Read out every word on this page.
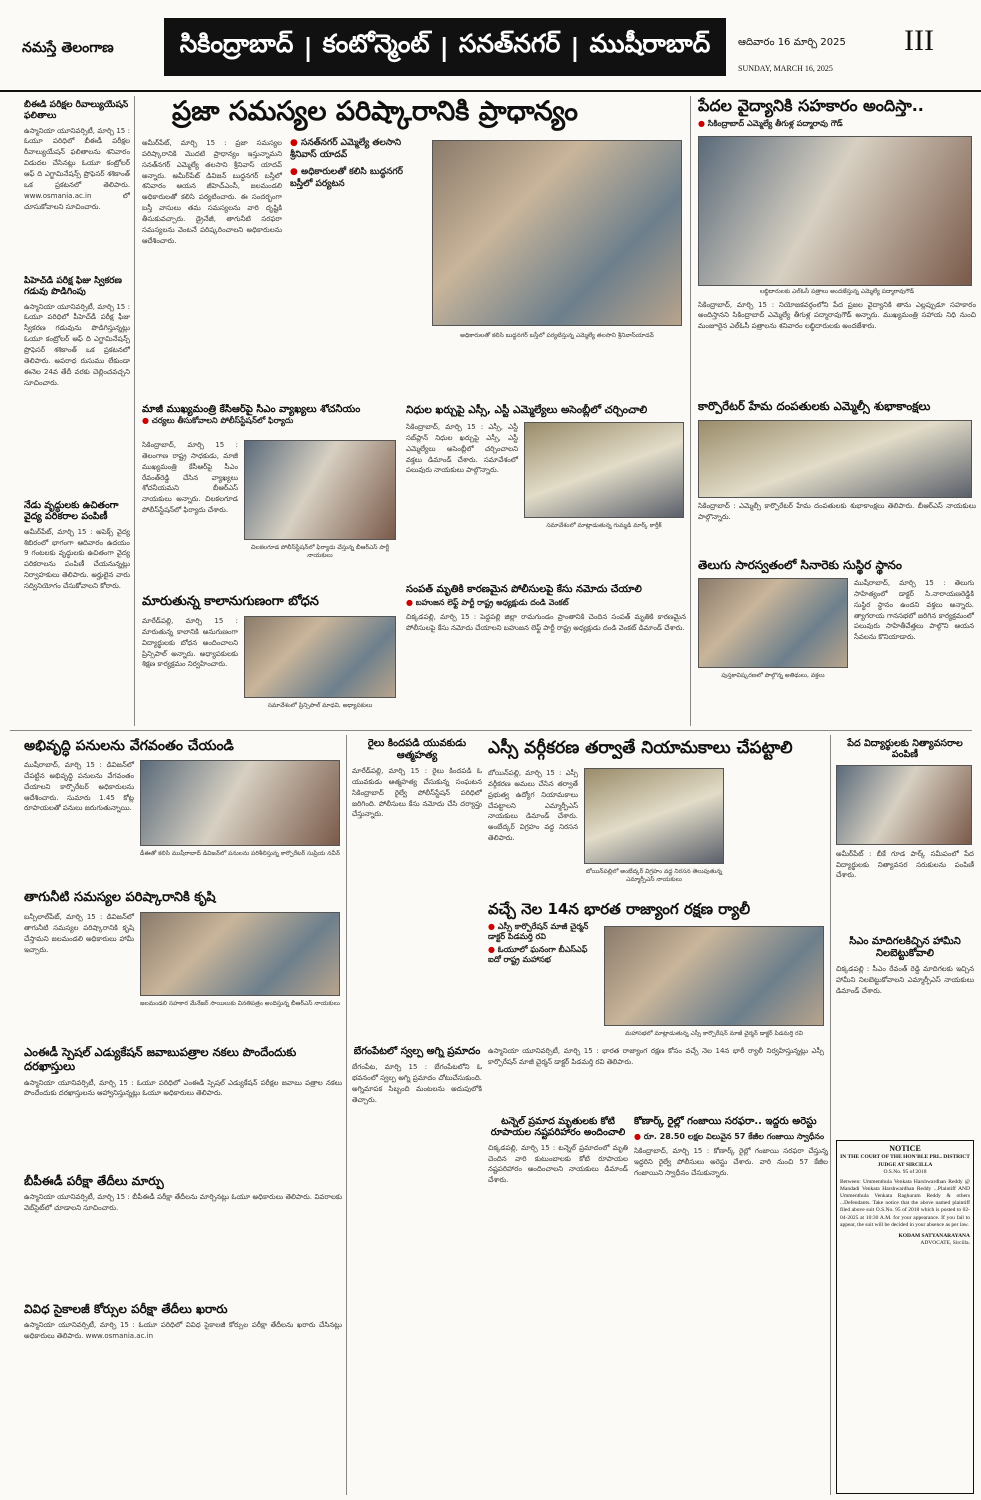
నమస్తే తెలంగాణ	సికింద్రాబాద్ | కంటోన్మెంట్ | సనత్‌నగర్ | ముషీరాబాద్	ఆదివారం 16 మార్చి 2025
SUNDAY, MARCH 16, 2025
III
బీఈడీ పరీక్షల రీవాల్యుయేషన్ ఫలితాలు
ఉస్మానియా యూనివర్సిటీ, మార్చి 15 : ఓయూ పరిధిలో బీఈడీ పరీక్షల రీవాల్యుయేషన్ ఫలితాలను శనివారం విడుదల చేసినట్లు ఓయూ కంట్రోలర్ ఆఫ్ ది ఎగ్జామినేషన్స్ ప్రొఫెసర్ శశికాంత్ ఒక ప్రకటనలో తెలిపారు. www.osmania.ac.in లో చూసుకోవాలని సూచించారు.
పీహెచ్‌డీ పరీక్ష ఫీజు స్వీకరణ గడువు పొడిగింపు
ఉస్మానియా యూనివర్సిటీ, మార్చి 15 : ఓయూ పరిధిలో పీహెచ్‌డీ పరీక్ష ఫీజు స్వీకరణ గడువును పొడిగిస్తున్నట్లు ఓయూ కంట్రోలర్ ఆఫ్ ది ఎగ్జామినేషన్స్ ప్రొఫెసర్ శశికాంత్ ఒక ప్రకటనలో తెలిపారు. అపరాధ రుసుము లేకుండా ఈనెల 24వ తేదీ వరకు చెల్లించవచ్చని సూచించారు.
నేడు వృద్ధులకు ఉచితంగా వైద్య పరికరాల పంపిణీ
అమీర్‌పేట్, మార్చి 15 : అపెక్స్ వైద్య శిబిరంలో భాగంగా ఆదివారం ఉదయం 9 గంటలకు వృద్ధులకు ఉచితంగా వైద్య పరికరాలను పంపిణీ చేయనున్నట్లు నిర్వాహకులు తెలిపారు. అర్హులైన వారు సద్వినియోగం చేసుకోవాలని కోరారు.
ప్రజా సమస్యల పరిష్కారానికి ప్రాధాన్యం
అమీర్‌పేట్, మార్చి 15 : ప్రజా సమస్యల పరిష్కారానికి మొదటి ప్రాధాన్యం ఇస్తున్నామని సనత్‌నగర్ ఎమ్మెల్యే తలసాని శ్రీనివాస్ యాదవ్ అన్నారు. అమీర్‌పేట్ డివిజన్ బుద్ధనగర్ బస్తీలో శనివారం ఆయన జీహెచ్‌ఎంసీ, జలమండలి అధికారులతో కలిసి పర్యటించారు. ఈ సందర్భంగా బస్తీ వాసులు తమ సమస్యలను వారి దృష్టికి తీసుకువచ్చారు. డ్రైనేజీ, తాగునీటి సరఫరా సమస్యలను వెంటనే పరిష్కరించాలని అధికారులను ఆదేశించారు.
● సనత్‌నగర్ ఎమ్మెల్యే తలసాని శ్రీనివాస్ యాదవ్
● అధికారులతో కలిసి బుద్ధనగర్ బస్తీలో పర్యటన
అధికారులతో కలిసి బుద్ధనగర్ బస్తీలో పర్యటిస్తున్న ఎమ్మెల్యే తలసాని శ్రీనివాస్‌యాదవ్
పేదల వైద్యానికి సహకారం అందిస్తా..
● సికింద్రాబాద్ ఎమ్మెల్యే తీగుళ్ల పద్మారావు గౌడ్
లబ్ధిదారులకు ఎల్‌ఓసీ పత్రాలు అందజేస్తున్న ఎమ్మెల్యే పద్మారావుగౌడ్
సికింద్రాబాద్, మార్చి 15 : నియోజకవర్గంలోని పేద ప్రజల వైద్యానికి తాను ఎల్లప్పుడూ సహకారం అందిస్తానని సికింద్రాబాద్ ఎమ్మెల్యే తీగుళ్ల పద్మారావుగౌడ్ అన్నారు. ముఖ్యమంత్రి సహాయ నిధి నుంచి మంజూరైన ఎల్‌ఓసీ పత్రాలను శనివారం లబ్ధిదారులకు అందజేశారు.
కార్పొరేటర్ హేమ దంపతులకు ఎమ్మెల్సీ శుభాకాంక్షలు
సికింద్రాబాద్ : ఎమ్మెల్సీ కార్పొరేటర్ హేమ దంపతులకు శుభాకాంక్షలు తెలిపారు. బీఆర్‌ఎస్ నాయకులు పాల్గొన్నారు.
తెలుగు సారస్వతంలో సినారెకు సుస్థిర స్థానం
పుస్తకావిష్కరణలో పాల్గొన్న అతిథులు, వక్తలు
ముషీరాబాద్, మార్చి 15 : తెలుగు సాహిత్యంలో డాక్టర్ సి.నారాయణరెడ్డికి సుస్థిర స్థానం ఉందని వక్తలు అన్నారు. త్యాగరాయ గానసభలో జరిగిన కార్యక్రమంలో పలువురు సాహితీవేత్తలు పాల్గొని ఆయన సేవలను కొనియాడారు.
మాజీ ముఖ్యమంత్రి కేసీఆర్‌పై సీఎం వ్యాఖ్యలు శోచనీయం
● చర్యలు తీసుకోవాలని పోలీస్‌స్టేషన్‌లో ఫిర్యాదు
సికింద్రాబాద్, మార్చి 15 : తెలంగాణ రాష్ట్ర సాధకుడు, మాజీ ముఖ్యమంత్రి కేసీఆర్‌పై సీఎం రేవంత్‌రెడ్డి చేసిన వ్యాఖ్యలు శోచనీయమని బీఆర్‌ఎస్ నాయకులు అన్నారు. చిలకలగూడ పోలీస్‌స్టేషన్‌లో ఫిర్యాదు చేశారు.
చిలకలగూడ పోలీస్‌స్టేషన్‌లో ఫిర్యాదు చేస్తున్న బీఆర్‌ఎస్ పార్టీ నాయకులు
నిధుల ఖర్చుపై ఎస్సీ, ఎస్టీ ఎమ్మెల్యేలు అసెంబ్లీలో చర్చించాలి
సికింద్రాబాద్, మార్చి 15 : ఎస్సీ, ఎస్టీ సబ్‌ప్లాన్ నిధుల ఖర్చుపై ఎస్సీ, ఎస్టీ ఎమ్మెల్యేలు అసెంబ్లీలో చర్చించాలని వక్తలు డిమాండ్ చేశారు. సమావేశంలో పలువురు నాయకులు పాల్గొన్నారు.
సమావేశంలో మాట్లాడుతున్న గుమ్మడి మార్క్ కార్తీక్
మారుతున్న కాలానుగుణంగా బోధన
మారేడ్‌పల్లి, మార్చి 15 : మారుతున్న కాలానికి అనుగుణంగా విద్యార్థులకు బోధన అందించాలని ప్రిన్సిపాల్ అన్నారు. అధ్యాపకులకు శిక్షణ కార్యక్రమం నిర్వహించారు.
సమావేశంలో ప్రిన్సిపాల్ మాధవి, అధ్యాపకులు
సంపత్ మృతికి కారణమైన పోలీసులపై కేసు నమోదు చేయాలి
● బహుజన లెఫ్ట్ పార్టీ రాష్ట్ర అధ్యక్షుడు దండి వెంకట్
చిక్కడపల్లి, మార్చి 15 : పెద్దపల్లి జిల్లా రామగుండం ప్రాంతానికి చెందిన సంపత్ మృతికి కారణమైన పోలీసులపై కేసు నమోదు చేయాలని బహుజన లెఫ్ట్ పార్టీ రాష్ట్ర అధ్యక్షుడు దండి వెంకట్ డిమాండ్ చేశారు.
అభివృద్ధి పనులను వేగవంతం చేయండి
ముషీరాబాద్, మార్చి 15 : డివిజన్‌లో చేపట్టిన అభివృద్ధి పనులను వేగవంతం చేయాలని కార్పొరేటర్ అధికారులను ఆదేశించారు. సుమారు 1.45 కోట్ల రూపాయలతో పనులు జరుగుతున్నాయి.
డీఈతో కలిసి ముషీరాబాద్ డివిజన్‌లో పనులను పరిశీలిస్తున్న కార్పొరేటర్ సుప్రియ నవీన్
తాగునీటి సమస్యల పరిష్కారానికి కృషి
బన్సీలాల్‌పేట్, మార్చి 15 : డివిజన్‌లో తాగునీటి సమస్యల పరిష్కారానికి కృషి చేస్తామని జలమండలి అధికారులు హామీ ఇచ్చారు.
జలమండలి సహకార మేనేజర్‌ సాయిలుకు వినతిపత్రం అందిస్తున్న బీఆర్‌ఎస్ నాయకులు
ఎంఈడీ స్పెషల్ ఎడ్యుకేషన్ జవాబుపత్రాల నకలు పొందేందుకు దరఖాస్తులు
ఉస్మానియా యూనివర్సిటీ, మార్చి 15 : ఓయూ పరిధిలో ఎంఈడీ స్పెషల్ ఎడ్యుకేషన్ పరీక్షల జవాబు పత్రాల నకలు పొందేందుకు దరఖాస్తులను ఆహ్వానిస్తున్నట్లు ఓయూ అధికారులు తెలిపారు.
బీపీఈడీ పరీక్షా తేదీలు మార్పు
ఉస్మానియా యూనివర్సిటీ, మార్చి 15 : బీపీఈడీ పరీక్షా తేదీలను మార్చినట్లు ఓయూ అధికారులు తెలిపారు. వివరాలకు వెబ్‌సైట్‌లో చూడాలని సూచించారు.
వివిధ సైకాలజీ కోర్సుల పరీక్షా తేదీలు ఖరారు
ఉస్మానియా యూనివర్సిటీ, మార్చి 15 : ఓయూ పరిధిలో వివిధ సైకాలజీ కోర్సుల పరీక్షా తేదీలను ఖరారు చేసినట్లు అధికారులు తెలిపారు. www.osmania.ac.in
రైలు కిందపడి యువకుడు ఆత్మహత్య
మారేడ్‌పల్లి, మార్చి 15 : రైలు కిందపడి ఓ యువకుడు ఆత్మహత్య చేసుకున్న సంఘటన సికింద్రాబాద్ రైల్వే పోలీస్‌స్టేషన్ పరిధిలో జరిగింది. పోలీసులు కేసు నమోదు చేసి దర్యాప్తు చేస్తున్నారు.
బేగంపేటలో స్వల్ప అగ్ని ప్రమాదం
బేగంపేట, మార్చి 15 : బేగంపేటలోని ఓ భవనంలో స్వల్ప అగ్ని ప్రమాదం చోటుచేసుకుంది. అగ్నిమాపక సిబ్బంది మంటలను అదుపులోకి తెచ్చారు.
ఎస్సీ వర్గీకరణ తర్వాతే నియామకాలు చేపట్టాలి
బోయిన్‌పల్లి, మార్చి 15 : ఎస్సీ వర్గీకరణ అమలు చేసిన తర్వాతే ప్రభుత్వ ఉద్యోగ నియామకాలు చేపట్టాలని ఎమ్మార్పీఎస్ నాయకులు డిమాండ్ చేశారు. అంబేద్కర్ విగ్రహం వద్ద నిరసన తెలిపారు.
బోయిన్‌పల్లిలో అంబేద్కర్ విగ్రహం వద్ద నిరసన తెలుపుతున్న ఎమ్మార్పీఎస్ నాయకులు
వచ్చే నెల 14న భారత రాజ్యాంగ రక్షణ ర్యాలీ
● ఎస్సీ కార్పొరేషన్ మాజీ చైర్మన్ డాక్టర్ పిడమర్తి రవి
● ఓయూలో ఘనంగా బీఎస్‌ఎఫ్ ఐదో రాష్ట్ర మహాసభ
మహాసభలో మాట్లాడుతున్న ఎస్సీ కార్పొరేషన్ మాజీ చైర్మన్ డాక్టర్ పిడమర్తి రవి
ఉస్మానియా యూనివర్సిటీ, మార్చి 15 : భారత రాజ్యాంగ రక్షణ కోసం వచ్చే నెల 14న భారీ ర్యాలీ నిర్వహిస్తున్నట్లు ఎస్సీ కార్పొరేషన్ మాజీ చైర్మన్ డాక్టర్ పిడమర్తి రవి తెలిపారు.
టన్నెల్ ప్రమాద మృతులకు కోటి రూపాయల నష్టపరిహారం అందించాలి
చిక్కడపల్లి, మార్చి 15 : టన్నెల్ ప్రమాదంలో మృతి చెందిన వారి కుటుంబాలకు కోటి రూపాయల నష్టపరిహారం అందించాలని నాయకులు డిమాండ్ చేశారు.
కోణార్క్ రైల్లో గంజాయి సరఫరా.. ఇద్దరు అరెస్టు
● రూ. 28.50 లక్షల విలువైన 57 కేజీల గంజాయి స్వాధీనం
సికింద్రాబాద్, మార్చి 15 : కోణార్క్ రైల్లో గంజాయి సరఫరా చేస్తున్న ఇద్దరిని రైల్వే పోలీసులు అరెస్టు చేశారు. వారి నుంచి 57 కేజీల గంజాయిని స్వాధీనం చేసుకున్నారు.
పేద విద్యార్థులకు నిత్యావసరాల పంపిణీ
అమీర్‌పేట్ : బీకే గూడ పార్క్ సమీపంలో పేద విద్యార్థులకు నిత్యావసర సరుకులను పంపిణీ చేశారు.
సీఎం మాదిగలకిచ్చిన హామీని నిలబెట్టుకోవాలి
చిక్కడపల్లి : సీఎం రేవంత్ రెడ్డి మాదిగలకు ఇచ్చిన హామీని నిలబెట్టుకోవాలని ఎమ్మార్పీఎస్ నాయకులు డిమాండ్ చేశారు.
NOTICE
IN THE COURT OF THE HON'BLE PRL. DISTRICT JUDGE AT SIRCILLA
O.S.No. 95 of 2018
Between: Ummenthula Venkata Harshwardhan Reddy @ Mandadi Venkata Harshwardhan Reddy ...Plaintiff AND Ummenthula Venkata Raghuram Reddy & others ...Defendants. Take notice that the above named plaintiff filed above suit O.S.No. 95 of 2018 which is posted to 02-04-2025 at 10:30 A.M. for your appearance. If you fail to appear, the suit will be decided in your absence as per law.
KODAM SATYANARAYANA
ADVOCATE, Sircilla.
